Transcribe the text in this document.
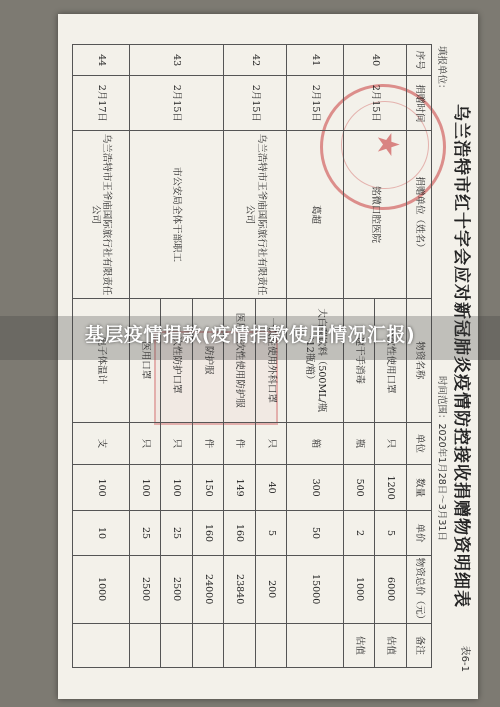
乌兰浩特市红十字会应对新冠肺炎疫情防控接收捐赠物资明细表
表6-1
填报单位：
时间范围：2020年1月28日～3月31日
★
序号	捐赠时间	捐赠单位（姓名）	物资名称	单位	数量	单价	物资总价（元）	备注
40	2月15日	铭微口腔医院	一次性使用口罩	只	1200	5	6000	估值
			速干手消毒	瓶	500	2	1000	估值
41	2月15日	葛超	大白梨饮料（500ML/瓶*12瓶/箱）	箱	300	50	15000	
42	2月15日	乌兰浩特市王爷庙国际旅行社有限责任公司	一次性使用外科口罩	只	40	5	200	
			医用一次性使用防护服	件	149	160	23840	
43	2月15日	市公安局全体干部职工	防护服	件	150	160	24000	
			一次性防护口罩	只	100	25	2500	
			医用口罩	只	100	25	2500	
44	2月17日	乌兰浩特市王爷庙国际旅行社有限责任公司	电子体温计	支	100	10	1000	
基层疫情捐款(疫情捐款使用情况汇报)
